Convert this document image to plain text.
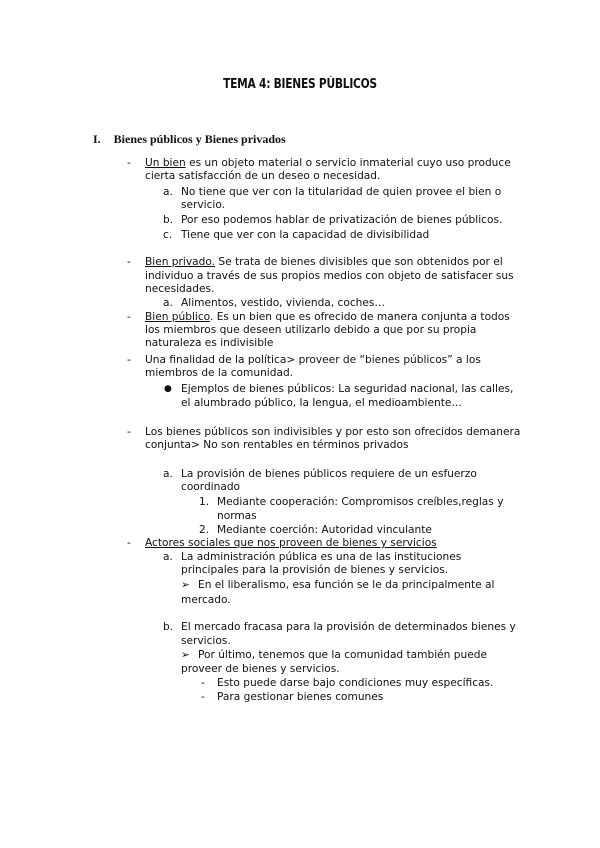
TEMA 4: BIENES PÚBLICOS
I. Bienes públicos y Bienes privados
- Un bien es un objeto material o servicio inmaterial cuyo uso produce
cierta satisfacción de un deseo o necesidad.
a. No tiene que ver con la titularidad de quien provee el bien o
servicio.
b. Por eso podemos hablar de privatización de bienes públicos.
c. Tiene que ver con la capacidad de divisibilidad
- Bien privado. Se trata de bienes divisibles que son obtenidos por el
individuo a través de sus propios medios con objeto de satisfacer sus
necesidades.
a. Alimentos, vestido, vivienda, coches…
- Bien público. Es un bien que es ofrecido de manera conjunta a todos
los miembros que deseen utilizarlo debido a que por su propia
naturaleza es indivisible
- Una finalidad de la política> proveer de “bienes públicos” a los
miembros de la comunidad.
● Ejemplos de bienes públicos: La seguridad nacional, las calles,
el alumbrado público, la lengua, el medioambiente…
- Los bienes públicos son indivisibles y por esto son ofrecidos demanera
conjunta> No son rentables en términos privados
a. La provisión de bienes públicos requiere de un esfuerzo
coordinado
1. Mediante cooperación: Compromisos creíbles,reglas y
normas
2. Mediante coerción: Autoridad vinculante
- Actores sociales que nos proveen de bienes y servicios
a. La administración pública es una de las instituciones
principales para la provisión de bienes y servicios.
➢ En el liberalismo, esa función se le da principalmente al
mercado.
b. El mercado fracasa para la provisión de determinados bienes y
servicios.
➢ Por último, tenemos que la comunidad también puede
proveer de bienes y servicios.
- Esto puede darse bajo condiciones muy específicas.
- Para gestionar bienes comunes
